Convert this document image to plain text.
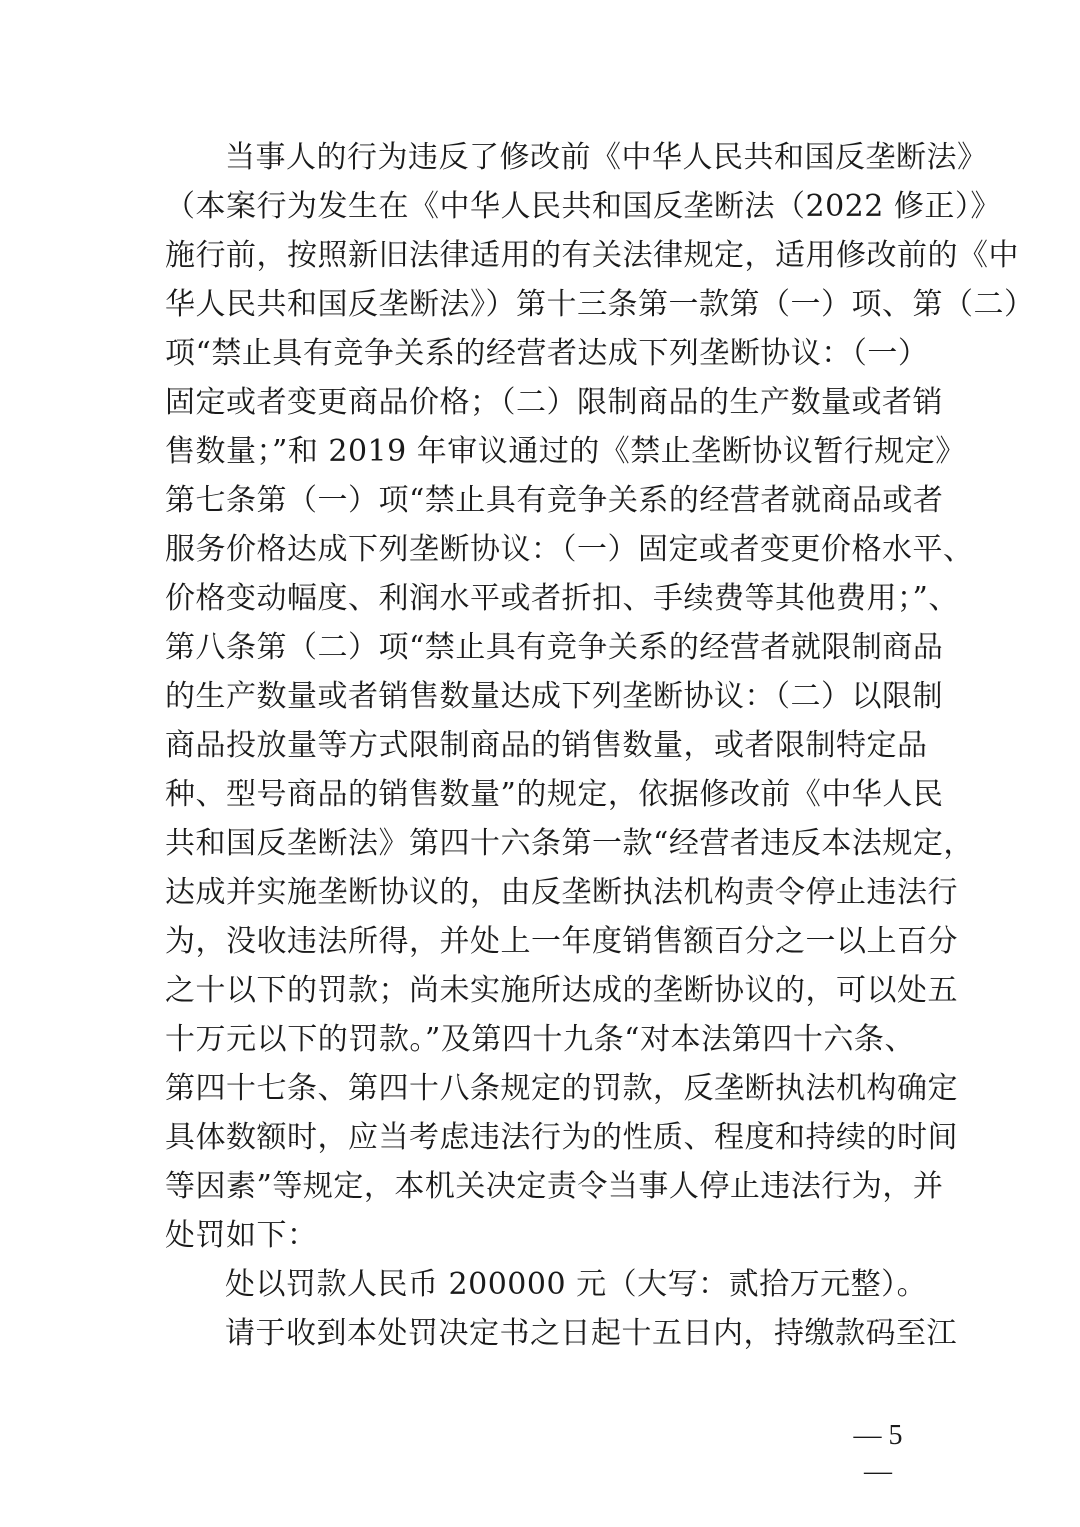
当事人的行为违反了修改前《中华人民共和国反垄断法》
（本案行为发生在《中华人民共和国反垄断法（2022 修正）》
施行前，按照新旧法律适用的有关法律规定，适用修改前的《中
华人民共和国反垄断法》）第十三条第一款第（一）项、第（二）
项“禁止具有竞争关系的经营者达成下列垄断协议：（一）
固定或者变更商品价格；（二）限制商品的生产数量或者销
售数量；”和 2019 年审议通过的《禁止垄断协议暂行规定》
第七条第（一）项“禁止具有竞争关系的经营者就商品或者
服务价格达成下列垄断协议：（一）固定或者变更价格水平、
价格变动幅度、利润水平或者折扣、手续费等其他费用；”、
第八条第（二）项“禁止具有竞争关系的经营者就限制商品
的生产数量或者销售数量达成下列垄断协议：（二）以限制
商品投放量等方式限制商品的销售数量，或者限制特定品
种、型号商品的销售数量”的规定，依据修改前《中华人民
共和国反垄断法》第四十六条第一款“经营者违反本法规定，
达成并实施垄断协议的，由反垄断执法机构责令停止违法行
为，没收违法所得，并处上一年度销售额百分之一以上百分
之十以下的罚款；尚未实施所达成的垄断协议的，可以处五
十万元以下的罚款。”及第四十九条“对本法第四十六条、
第四十七条、第四十八条规定的罚款，反垄断执法机构确定
具体数额时，应当考虑违法行为的性质、程度和持续的时间
等因素”等规定，本机关决定责令当事人停止违法行为，并
处罚如下：
处以罚款人民币 200000 元（大写：贰拾万元整）。
请于收到本处罚决定书之日起十五日内，持缴款码至江
— 5 —
